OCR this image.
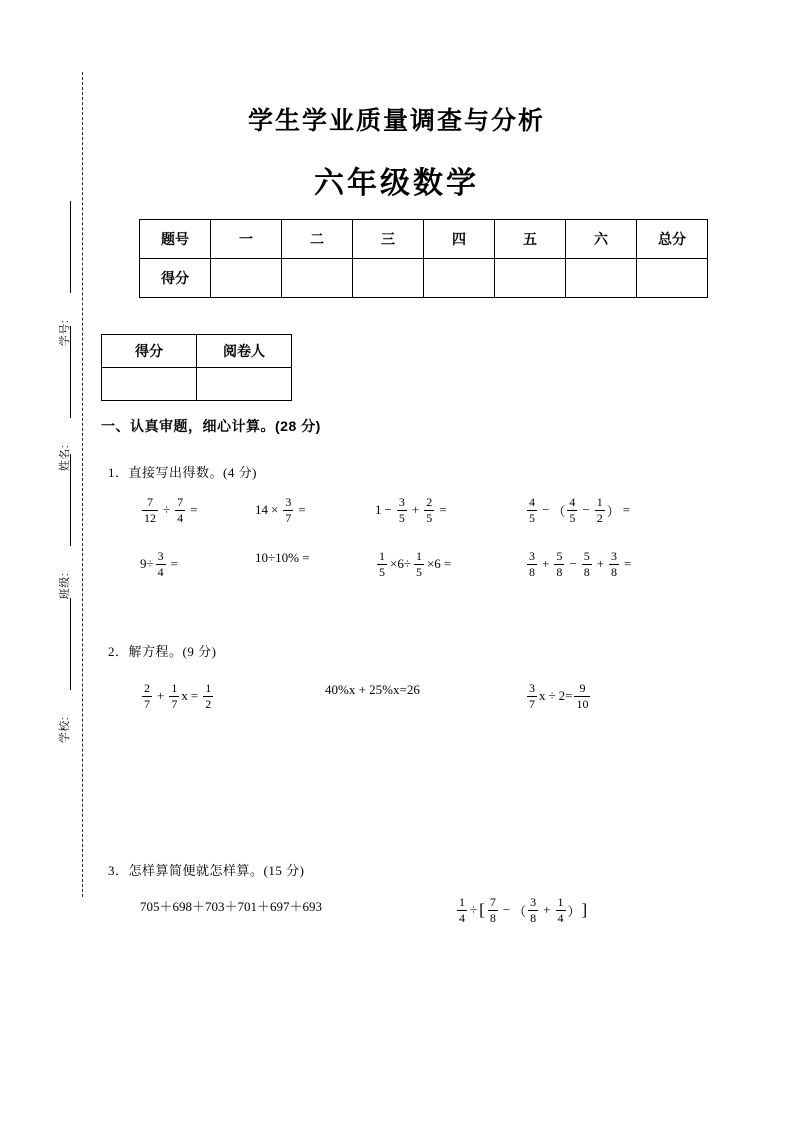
学号:
姓名:
班级:
学校:
学生学业质量调查与分析
六年级数学
题号	一	二	三	四	五	六	总分
得分							
得分	阅卷人

一、认真审题，细心计算。(28 分)
1．直接写出得数。(4 分)
$\frac{7}{12} \div \frac{7}{4}$ =	$14 \times \frac{3}{7}$ =	$1 - \frac{3}{5} + \frac{2}{5}$ =	$\frac{4}{5}$ − （ $\frac{4}{5} - \frac{1}{2}$ ） =
$9\div \frac{3}{4}$ =	10÷10% =	$\frac{1}{5} \times 6\div \frac{1}{5} \times 6$ =	$\frac{3}{8} + \frac{5}{8} - \frac{5}{8} + \frac{3}{8}$ =
2．解方程。(9 分)
$\frac{2}{7} + \frac{1}{7}$ $x = \frac{1}{2}$	40%x + 25%x=26	$\frac{3}{7}$ $x \div 2= \frac{9}{10}$
3．怎样算简便就怎样算。(15 分)
705＋698＋703＋701＋697＋693	$\frac{1}{4}$ ÷ [ $\frac{7}{8}$ − （ $\frac{3}{8} + \frac{1}{4}$ ） ]
